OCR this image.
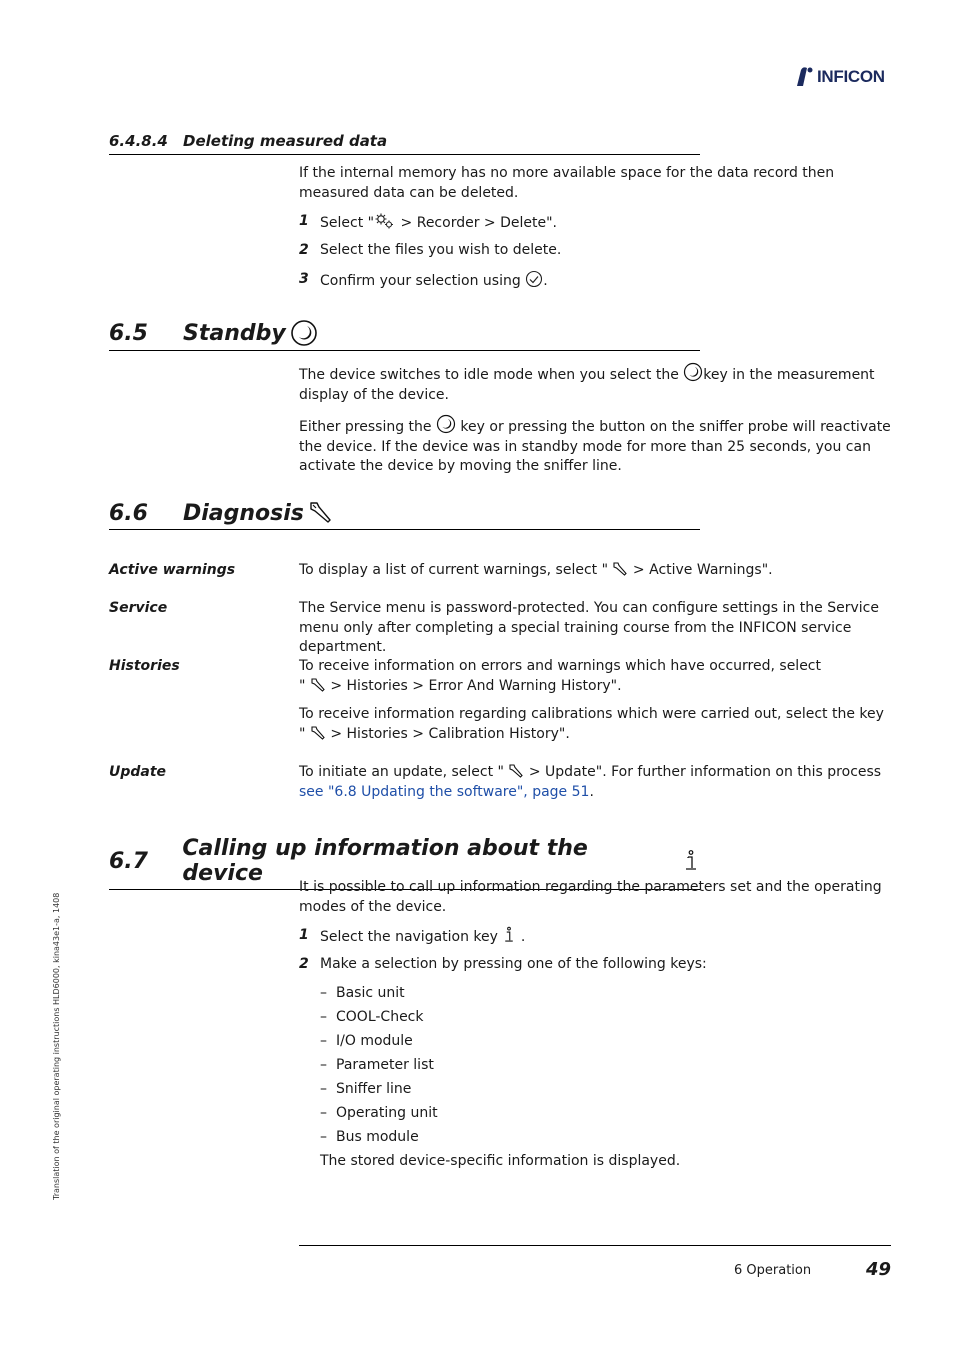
INFICON
6.4.8.4 Deleting measured data

If the internal memory has no more available space for the data record then measured data can be deleted.

1 Select " > Recorder > Delete".
2 Select the files you wish to delete.
3 Confirm your selection using .
6.5	Standby

The device switches to idle mode when you select the key in the measurement display of the device.

Either pressing the  key or pressing the button on the sniffer probe will reactivate the device. If the device was in standby mode for more than 25 seconds, you can activate the device by moving the sniffer line.

6.6	Diagnosis
Active warnings	To display a list of current warnings, select "  > Active Warnings".
Service	The Service menu is password-protected. You can configure settings in the Service menu only after completing a special training course from the INFICON service department.
Histories	To receive information on errors and warnings which have occurred, select
"  > Histories > Error And Warning History".

To receive information regarding calibrations which were carried out, select the key
"  > Histories > Calibration History".

Update	To initiate an update, select "  > Update". For further information on this process see "6.8 Updating the software", page 51.
6.7	Calling up information about the device

It is possible to call up information regarding the parameters set and the operating modes of the device.

1 Select the navigation key  .
2 Make a selection by pressing one of the following keys:
– Basic unit
– COOL-Check
– I/O module
– Parameter list
– Sniffer line
– Operating unit
– Bus module
The stored device-specific information is displayed.
6 Operation	49
Translation of the original operating instructions HLD6000, kina43e1-a, 1408
